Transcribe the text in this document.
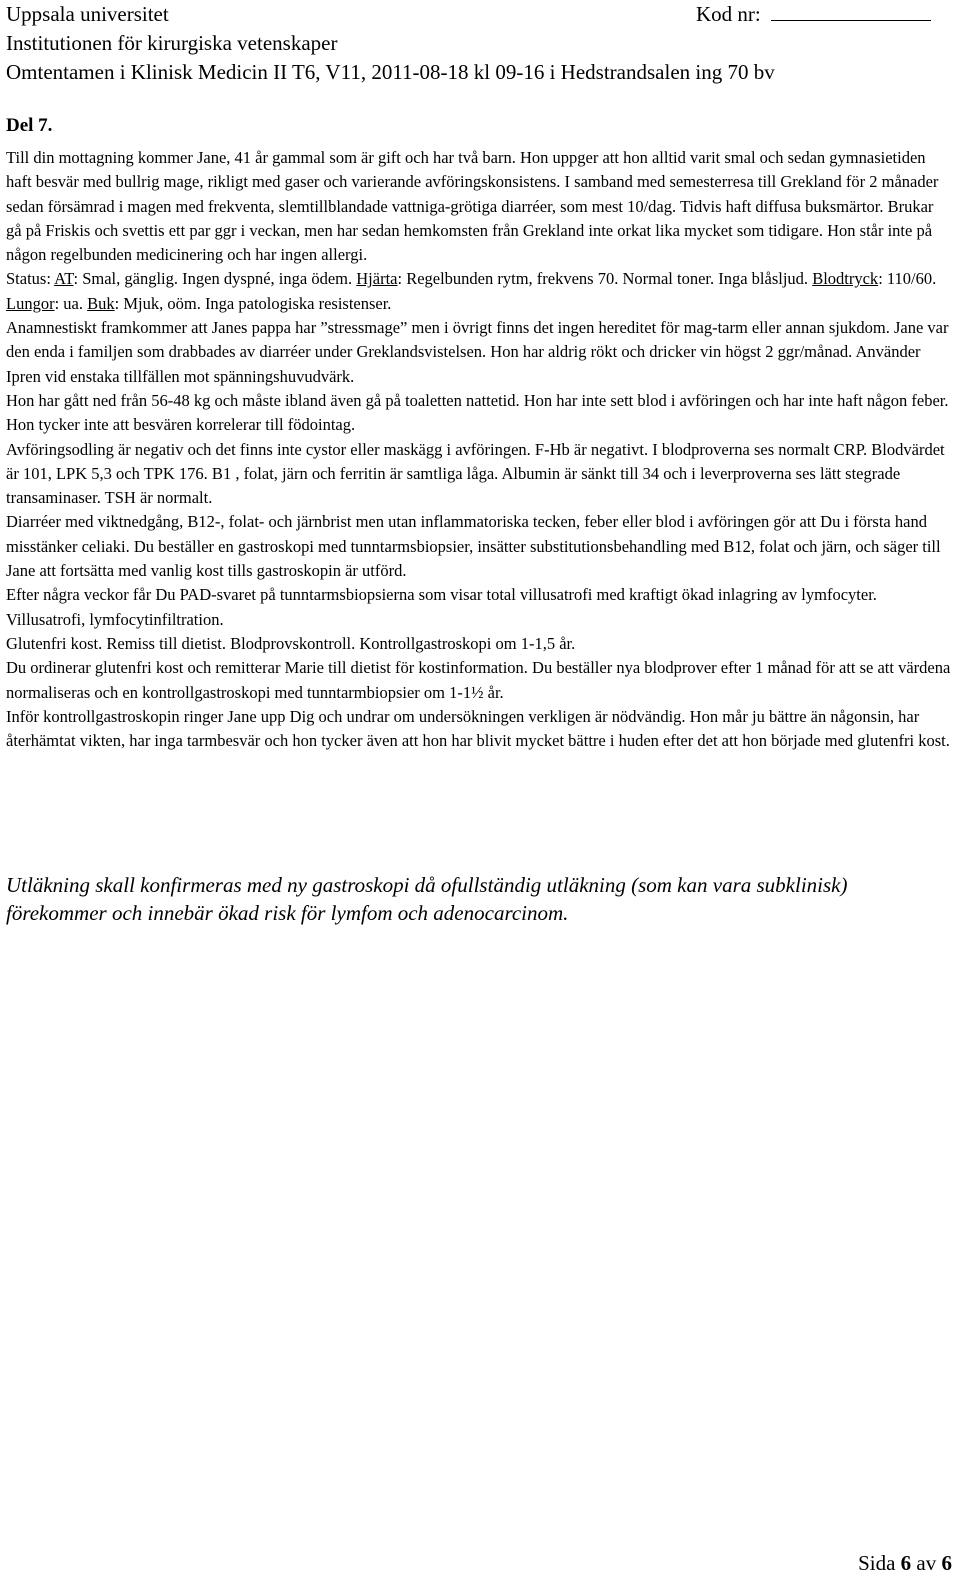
Uppsala universitet	Kod nr:
Institutionen för kirurgiska vetenskaper
Omtentamen i Klinisk Medicin II T6, V11, 2011-08-18 kl 09-16 i Hedstrandsalen ing 70 bv
Del 7.

Till din mottagning kommer Jane, 41 år gammal som är gift och har två barn. Hon uppger att hon alltid varit smal och sedan gymnasietiden haft besvär med bullrig mage, rikligt med gaser och varierande avföringskonsistens. I samband med semesterresa till Grekland för 2 månader sedan försämrad i magen med frekventa, slemtillblandade vattniga-grötiga diarréer, som mest 10/dag. Tidvis haft diffusa buksmärtor. Brukar gå på Friskis och svettis ett par ggr i veckan, men har sedan hemkomsten från Grekland inte orkat lika mycket som tidigare. Hon står inte på någon regelbunden medicinering och har ingen allergi.

Status: AT: Smal, gänglig. Ingen dyspné, inga ödem. Hjärta: Regelbunden rytm, frekvens 70. Normal toner. Inga blåsljud. Blodtryck: 110/60. Lungor: ua. Buk: Mjuk, oöm. Inga patologiska resistenser.

Anamnestiskt framkommer att Janes pappa har ”stressmage” men i övrigt finns det ingen hereditet för mag-tarm eller annan sjukdom. Jane var den enda i familjen som drabbades av diarréer under Greklandsvistelsen. Hon har aldrig rökt och dricker vin högst 2 ggr/månad. Använder Ipren vid enstaka tillfällen mot spänningshuvudvärk.

Hon har gått ned från 56-48 kg och måste ibland även gå på toaletten nattetid. Hon har inte sett blod i avföringen och har inte haft någon feber. Hon tycker inte att besvären korrelerar till födointag.

Avföringsodling är negativ och det finns inte cystor eller maskägg i avföringen. F-Hb är negativt. I blodproverna ses normalt CRP. Blodvärdet är 101, LPK 5,3 och TPK 176. B1 , folat, järn och ferritin är samtliga låga. Albumin är sänkt till 34 och i leverproverna ses lätt stegrade transaminaser. TSH är normalt.

Diarréer med viktnedgång, B12-, folat- och järnbrist men utan inflammatoriska tecken, feber eller blod i avföringen gör att Du i första hand misstänker celiaki. Du beställer en gastroskopi med tunntarmsbiopsier, insätter substitutionsbehandling med B12, folat och järn, och säger till Jane att fortsätta med vanlig kost tills gastroskopin är utförd.

Efter några veckor får Du PAD-svaret på tunntarmsbiopsierna som visar total villusatrofi med kraftigt ökad inlagring av lymfocyter.

Villusatrofi, lymfocytinfiltration.

Glutenfri kost. Remiss till dietist. Blodprovskontroll. Kontrollgastroskopi om 1-1,5 år.

Du ordinerar glutenfri kost och remitterar Marie till dietist för kostinformation. Du beställer nya blodprover efter 1 månad för att se att värdena normaliseras och en kontrollgastroskopi med tunntarmbiopsier om 1-1½ år.

Inför kontrollgastroskopin ringer Jane upp Dig och undrar om undersökningen verkligen är nödvändig. Hon mår ju bättre än någonsin, har återhämtat vikten, har inga tarmbesvär och hon tycker även att hon har blivit mycket bättre i huden efter det att hon började med glutenfri kost.

Utläkning skall konfirmeras med ny gastroskopi då ofullständig utläkning (som kan vara subklinisk) förekommer och innebär ökad risk för lymfom och adenocarcinom.
Sida 6 av 6
